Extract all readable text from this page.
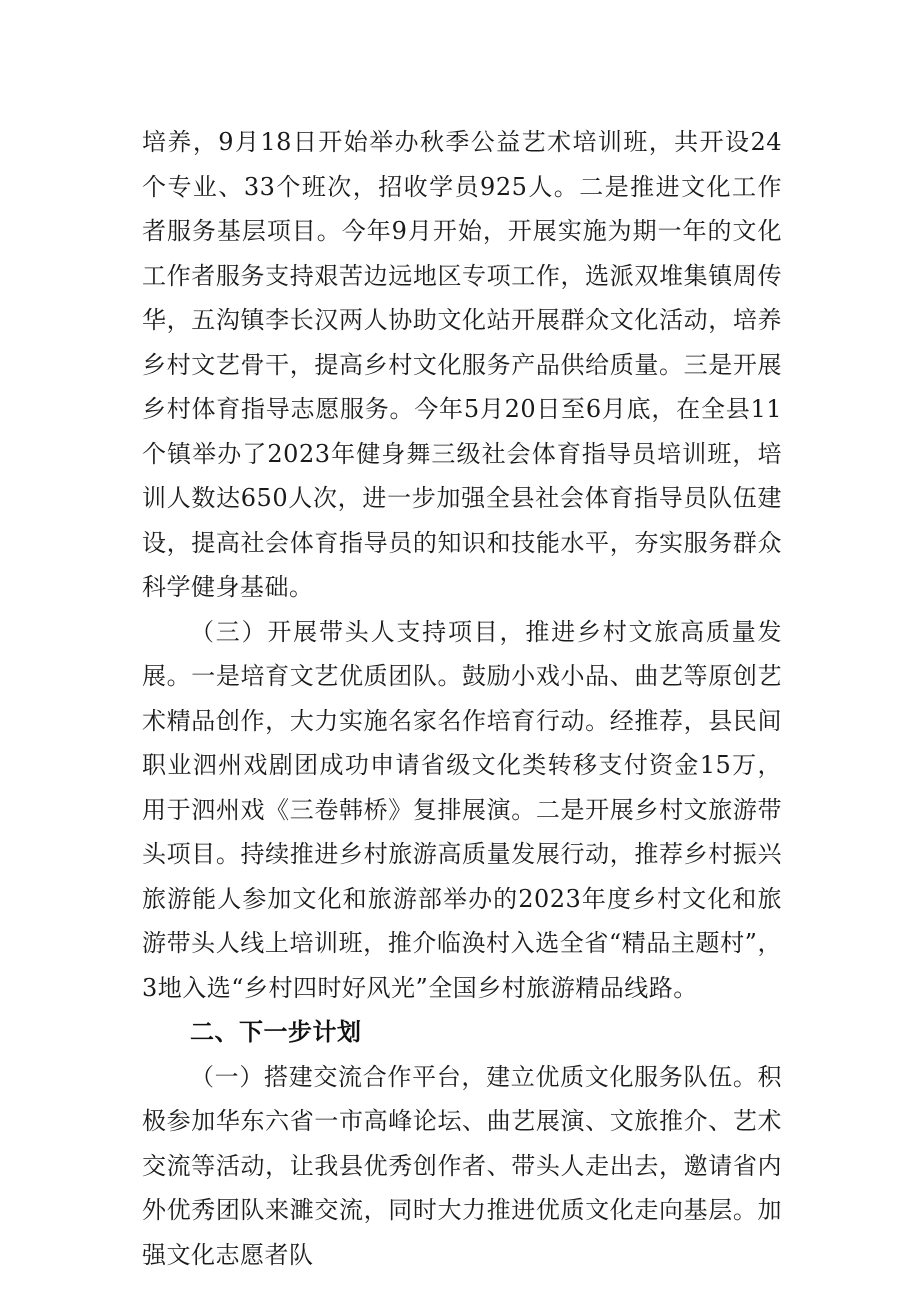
培养，9月18日开始举办秋季公益艺术培训班，共开设24个专业、33个班次，招收学员925人。二是推进文化工作者服务基层项目。今年9月开始，开展实施为期一年的文化工作者服务支持艰苦边远地区专项工作，选派双堆集镇周传华，五沟镇李长汉两人协助文化站开展群众文化活动，培养乡村文艺骨干，提高乡村文化服务产品供给质量。三是开展乡村体育指导志愿服务。今年5月20日至6月底，在全县11个镇举办了2023年健身舞三级社会体育指导员培训班，培训人数达650人次，进一步加强全县社会体育指导员队伍建设，提高社会体育指导员的知识和技能水平，夯实服务群众科学健身基础。

（三）开展带头人支持项目，推进乡村文旅高质量发展。一是培育文艺优质团队。鼓励小戏小品、曲艺等原创艺术精品创作，大力实施名家名作培育行动。经推荐，县民间职业泗州戏剧团成功申请省级文化类转移支付资金15万，用于泗州戏《三卷韩桥》复排展演。二是开展乡村文旅游带头项目。持续推进乡村旅游高质量发展行动，推荐乡村振兴旅游能人参加文化和旅游部举办的2023年度乡村文化和旅游带头人线上培训班，推介临涣村入选全省“精品主题村”，3地入选“乡村四时好风光”全国乡村旅游精品线路。

二、下一步计划

（一）搭建交流合作平台，建立优质文化服务队伍。积极参加华东六省一市高峰论坛、曲艺展演、文旅推介、艺术交流等活动，让我县优秀创作者、带头人走出去，邀请省内外优秀团队来濉交流，同时大力推进优质文化走向基层。加强文化志愿者队
